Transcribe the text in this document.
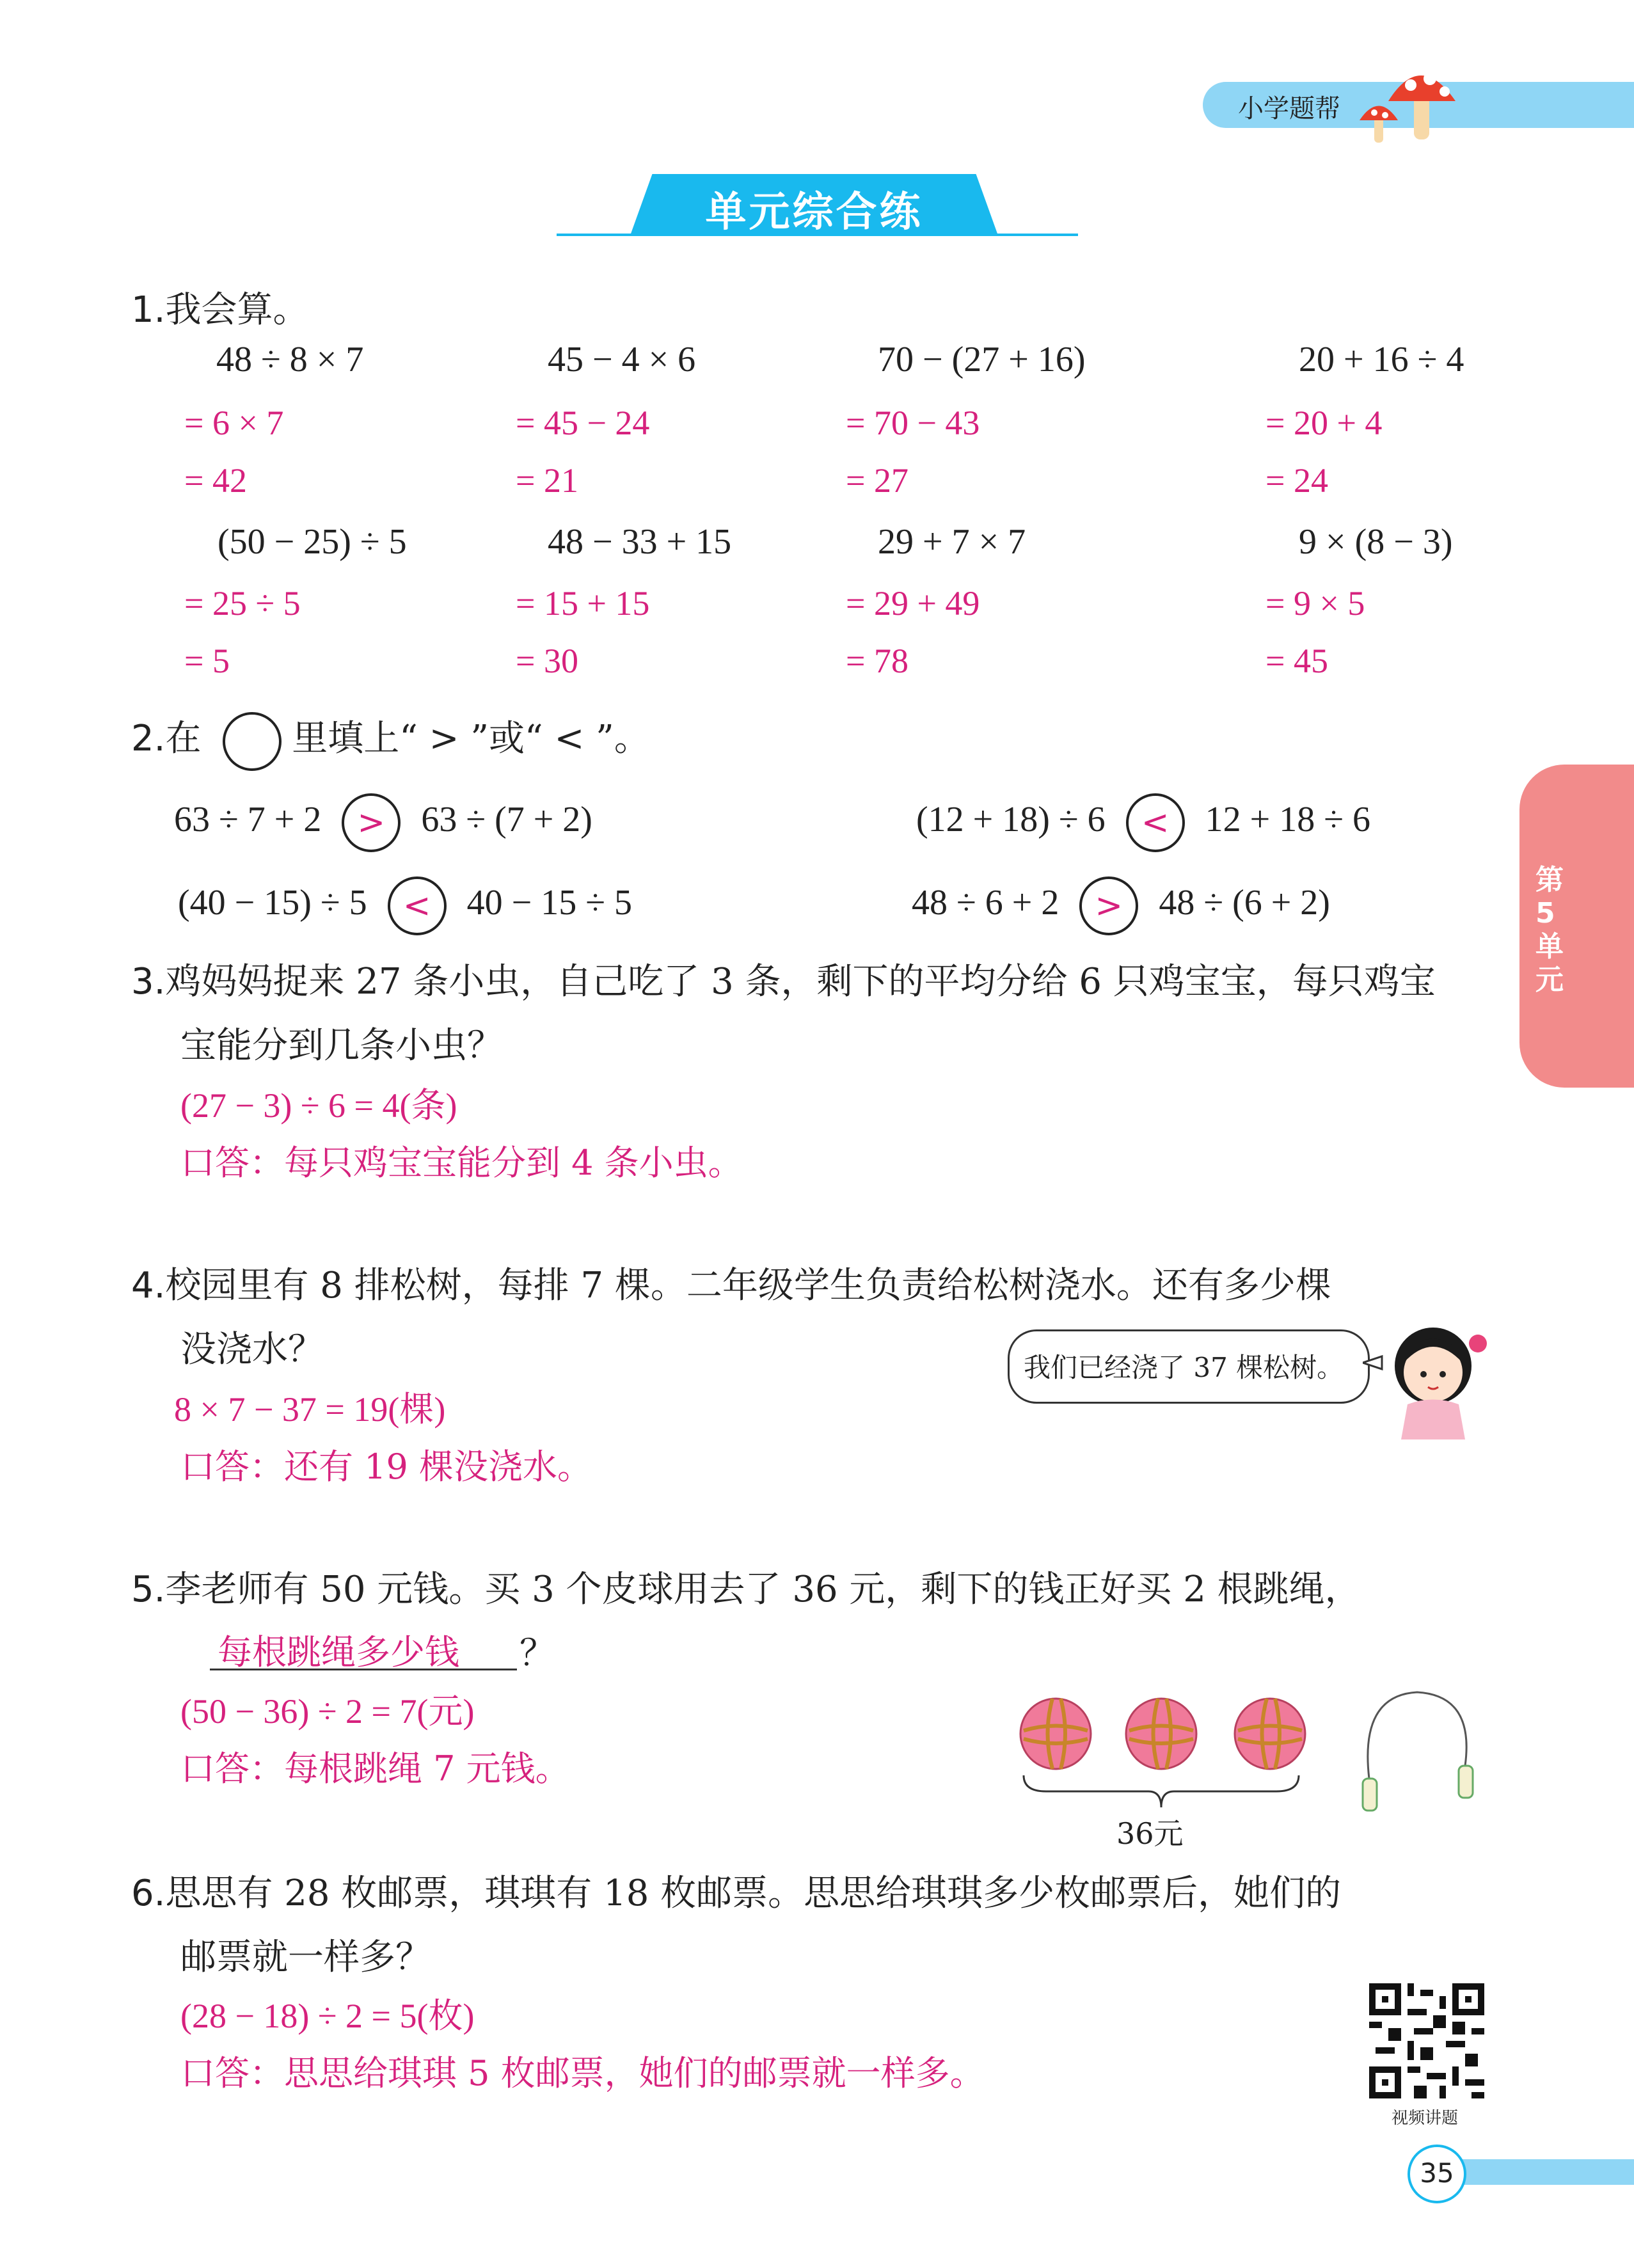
小学题帮
单元综合练
第5单元
1.我会算。
48 ÷ 8 × 7
= 6 × 7
= 42
45 − 4 × 6
= 45 − 24
= 21
70 − (27 + 16)
= 70 − 43
= 27
20 + 16 ÷ 4
= 20 + 4
= 24
(50 − 25) ÷ 5
= 25 ÷ 5
= 5
48 − 33 + 15
= 15 + 15
= 30
29 + 7 × 7
= 29 + 49
= 78
9 × (8 − 3)
= 9 × 5
= 45
2.在	里填上“ > ”或“ < ”。
63 ÷ 7 + 2 > 63 ÷ (7 + 2)	(12 + 18) ÷ 6 < 12 + 18 ÷ 6
(40 − 15) ÷ 5 < 40 − 15 ÷ 5	48 ÷ 6 + 2 > 48 ÷ (6 + 2)
3.鸡妈妈捉来 27 条小虫，自己吃了 3 条，剩下的平均分给 6 只鸡宝宝，每只鸡宝
宝能分到几条小虫？
(27 − 3) ÷ 6 = 4(条)
口答：每只鸡宝宝能分到 4 条小虫。
4.校园里有 8 排松树，每排 7 棵。二年级学生负责给松树浇水。还有多少棵
没浇水？
8 × 7 − 37 = 19(棵)
口答：还有 19 棵没浇水。
我们已经浇了 37 棵松树。
5.李老师有 50 元钱。买 3 个皮球用去了 36 元，剩下的钱正好买 2 根跳绳，
每根跳绳多少钱 ？
(50 − 36) ÷ 2 = 7(元)
口答：每根跳绳 7 元钱。
36元
6.思思有 28 枚邮票，琪琪有 18 枚邮票。思思给琪琪多少枚邮票后，她们的
邮票就一样多？
(28 − 18) ÷ 2 = 5(枚)
口答：思思给琪琪 5 枚邮票，她们的邮票就一样多。
视频讲题
35
